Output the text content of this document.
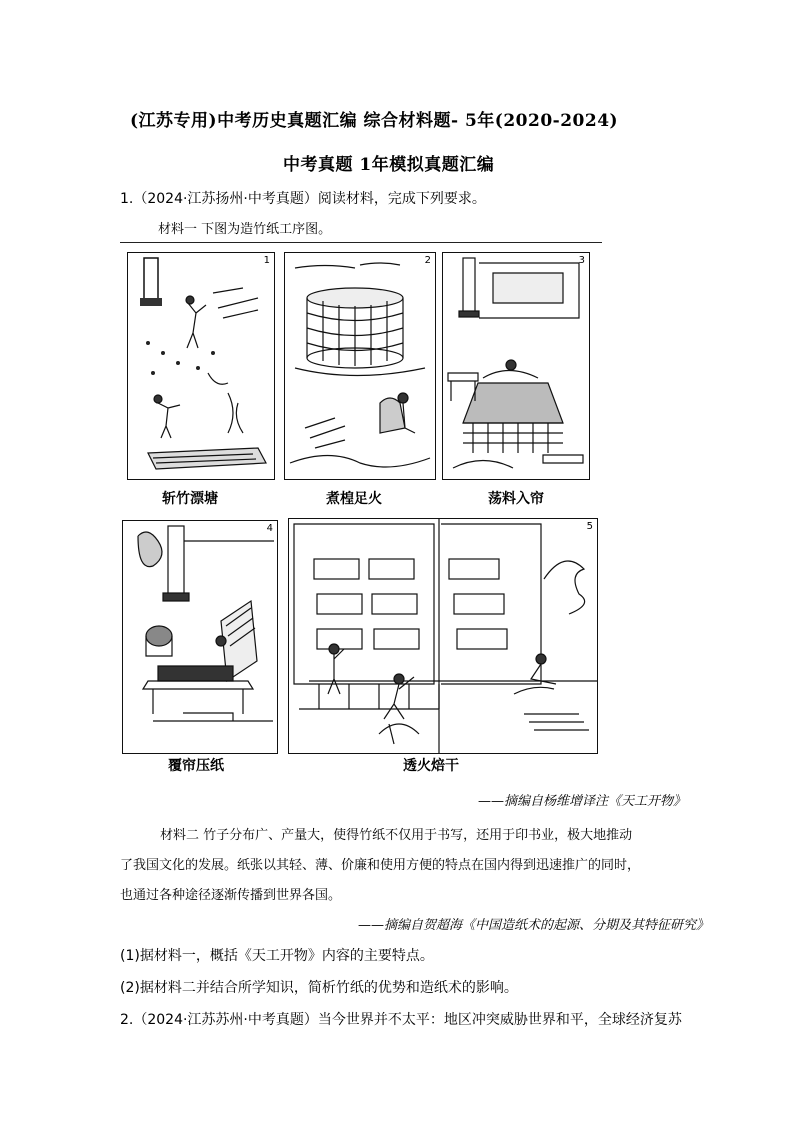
(江苏专用)中考历史真题汇编 综合材料题- 5年(2020-2024)
中考真题 1年模拟真题汇编
1.（2024·江苏扬州·中考真题）阅读材料，完成下列要求。
材料一 下图为造竹纸工序图。
1
斩竹漂塘
2
煮楻足火
3
荡料入帘
4
覆帘压纸
5
透火焙干
——摘编自杨维增译注《天工开物》
材料二 竹子分布广、产量大，使得竹纸不仅用于书写，还用于印书业，极大地推动
了我国文化的发展。纸张以其轻、薄、价廉和使用方便的特点在国内得到迅速推广的同时，
也通过各种途径逐渐传播到世界各国。
——摘编自贺超海《中国造纸术的起源、分期及其特征研究》
(1)据材料一，概括《天工开物》内容的主要特点。
(2)据材料二并结合所学知识，简析竹纸的优势和造纸术的影响。
2.（2024·江苏苏州·中考真题）当今世界并不太平：地区冲突威胁世界和平，全球经济复苏
